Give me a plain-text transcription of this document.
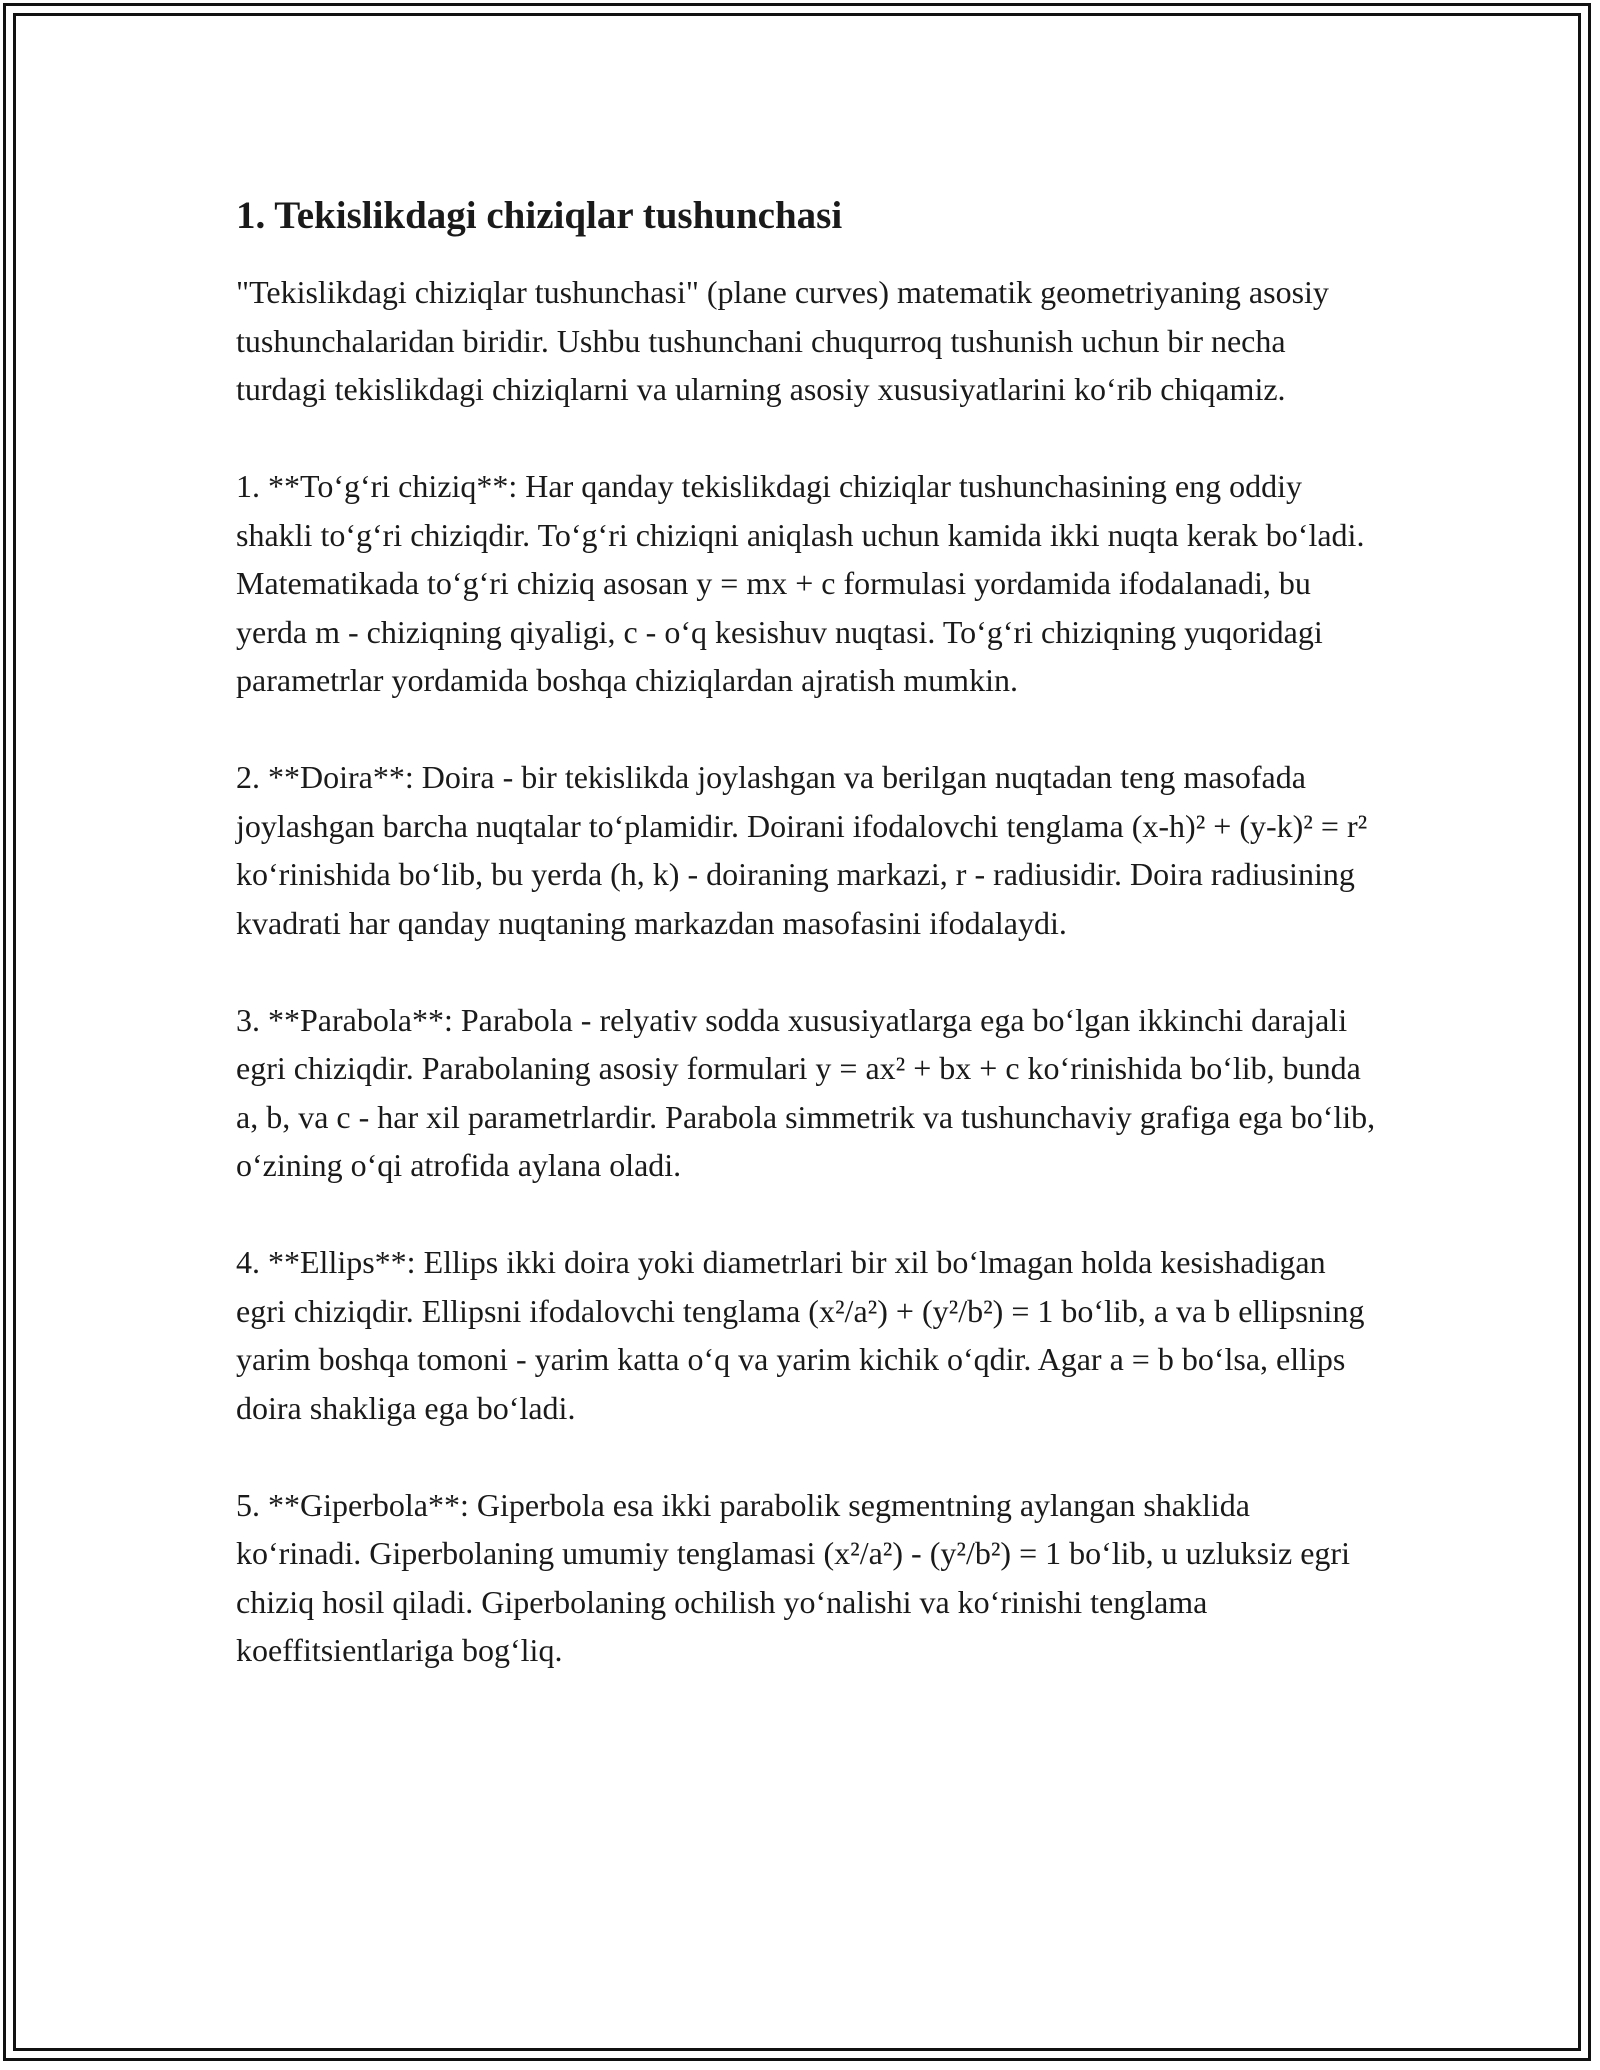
1. Tekislikdagi chiziqlar tushunchasi

"Tekislikdagi chiziqlar tushunchasi" (plane curves) matematik geometriyaning asosiy tushunchalaridan biridir. Ushbu tushunchani chuqurroq tushunish uchun bir necha turdagi tekislikdagi chiziqlarni va ularning asosiy xususiyatlarini koʻrib chiqamiz.

1. **Toʻgʻri chiziq**: Har qanday tekislikdagi chiziqlar tushunchasining eng oddiy shakli toʻgʻri chiziqdir. Toʻgʻri chiziqni aniqlash uchun kamida ikki nuqta kerak boʻladi. Matematikada toʻgʻri chiziq asosan y = mx + c formulasi yordamida ifodalanadi, bu yerda m - chiziqning qiyaligi, c - oʻq kesishuv nuqtasi. Toʻgʻri chiziqning yuqoridagi parametrlar yordamida boshqa chiziqlardan ajratish mumkin.

2. **Doira**: Doira - bir tekislikda joylashgan va berilgan nuqtadan teng masofada joylashgan barcha nuqtalar toʻplamidir. Doirani ifodalovchi tenglama (x-h)² + (y-k)² = r² koʻrinishida boʻlib, bu yerda (h, k) - doiraning markazi, r - radiusidir. Doira radiusining kvadrati har qanday nuqtaning markazdan masofasini ifodalaydi.

3. **Parabola**: Parabola - relyativ sodda xususiyatlarga ega boʻlgan ikkinchi darajali egri chiziqdir. Parabolaning asosiy formulari y = ax² + bx + c koʻrinishida boʻlib, bunda a, b, va c - har xil parametrlardir. Parabola simmetrik va tushunchaviy grafiga ega boʻlib, oʻzining oʻqi atrofida aylana oladi.

4. **Ellips**: Ellips ikki doira yoki diametrlari bir xil boʻlmagan holda kesishadigan egri chiziqdir. Ellipsni ifodalovchi tenglama (x²/a²) + (y²/b²) = 1 boʻlib, a va b ellipsning yarim boshqa tomoni - yarim katta oʻq va yarim kichik oʻqdir. Agar a = b boʻlsa, ellips doira shakliga ega boʻladi.

5. **Giperbola**: Giperbola esa ikki parabolik segmentning aylangan shaklida koʻrinadi. Giperbolaning umumiy tenglamasi (x²/a²) - (y²/b²) = 1 boʻlib, u uzluksiz egri chiziq hosil qiladi. Giperbolaning ochilish yoʻnalishi va koʻrinishi tenglama koeffitsientlariga bogʻliq.
